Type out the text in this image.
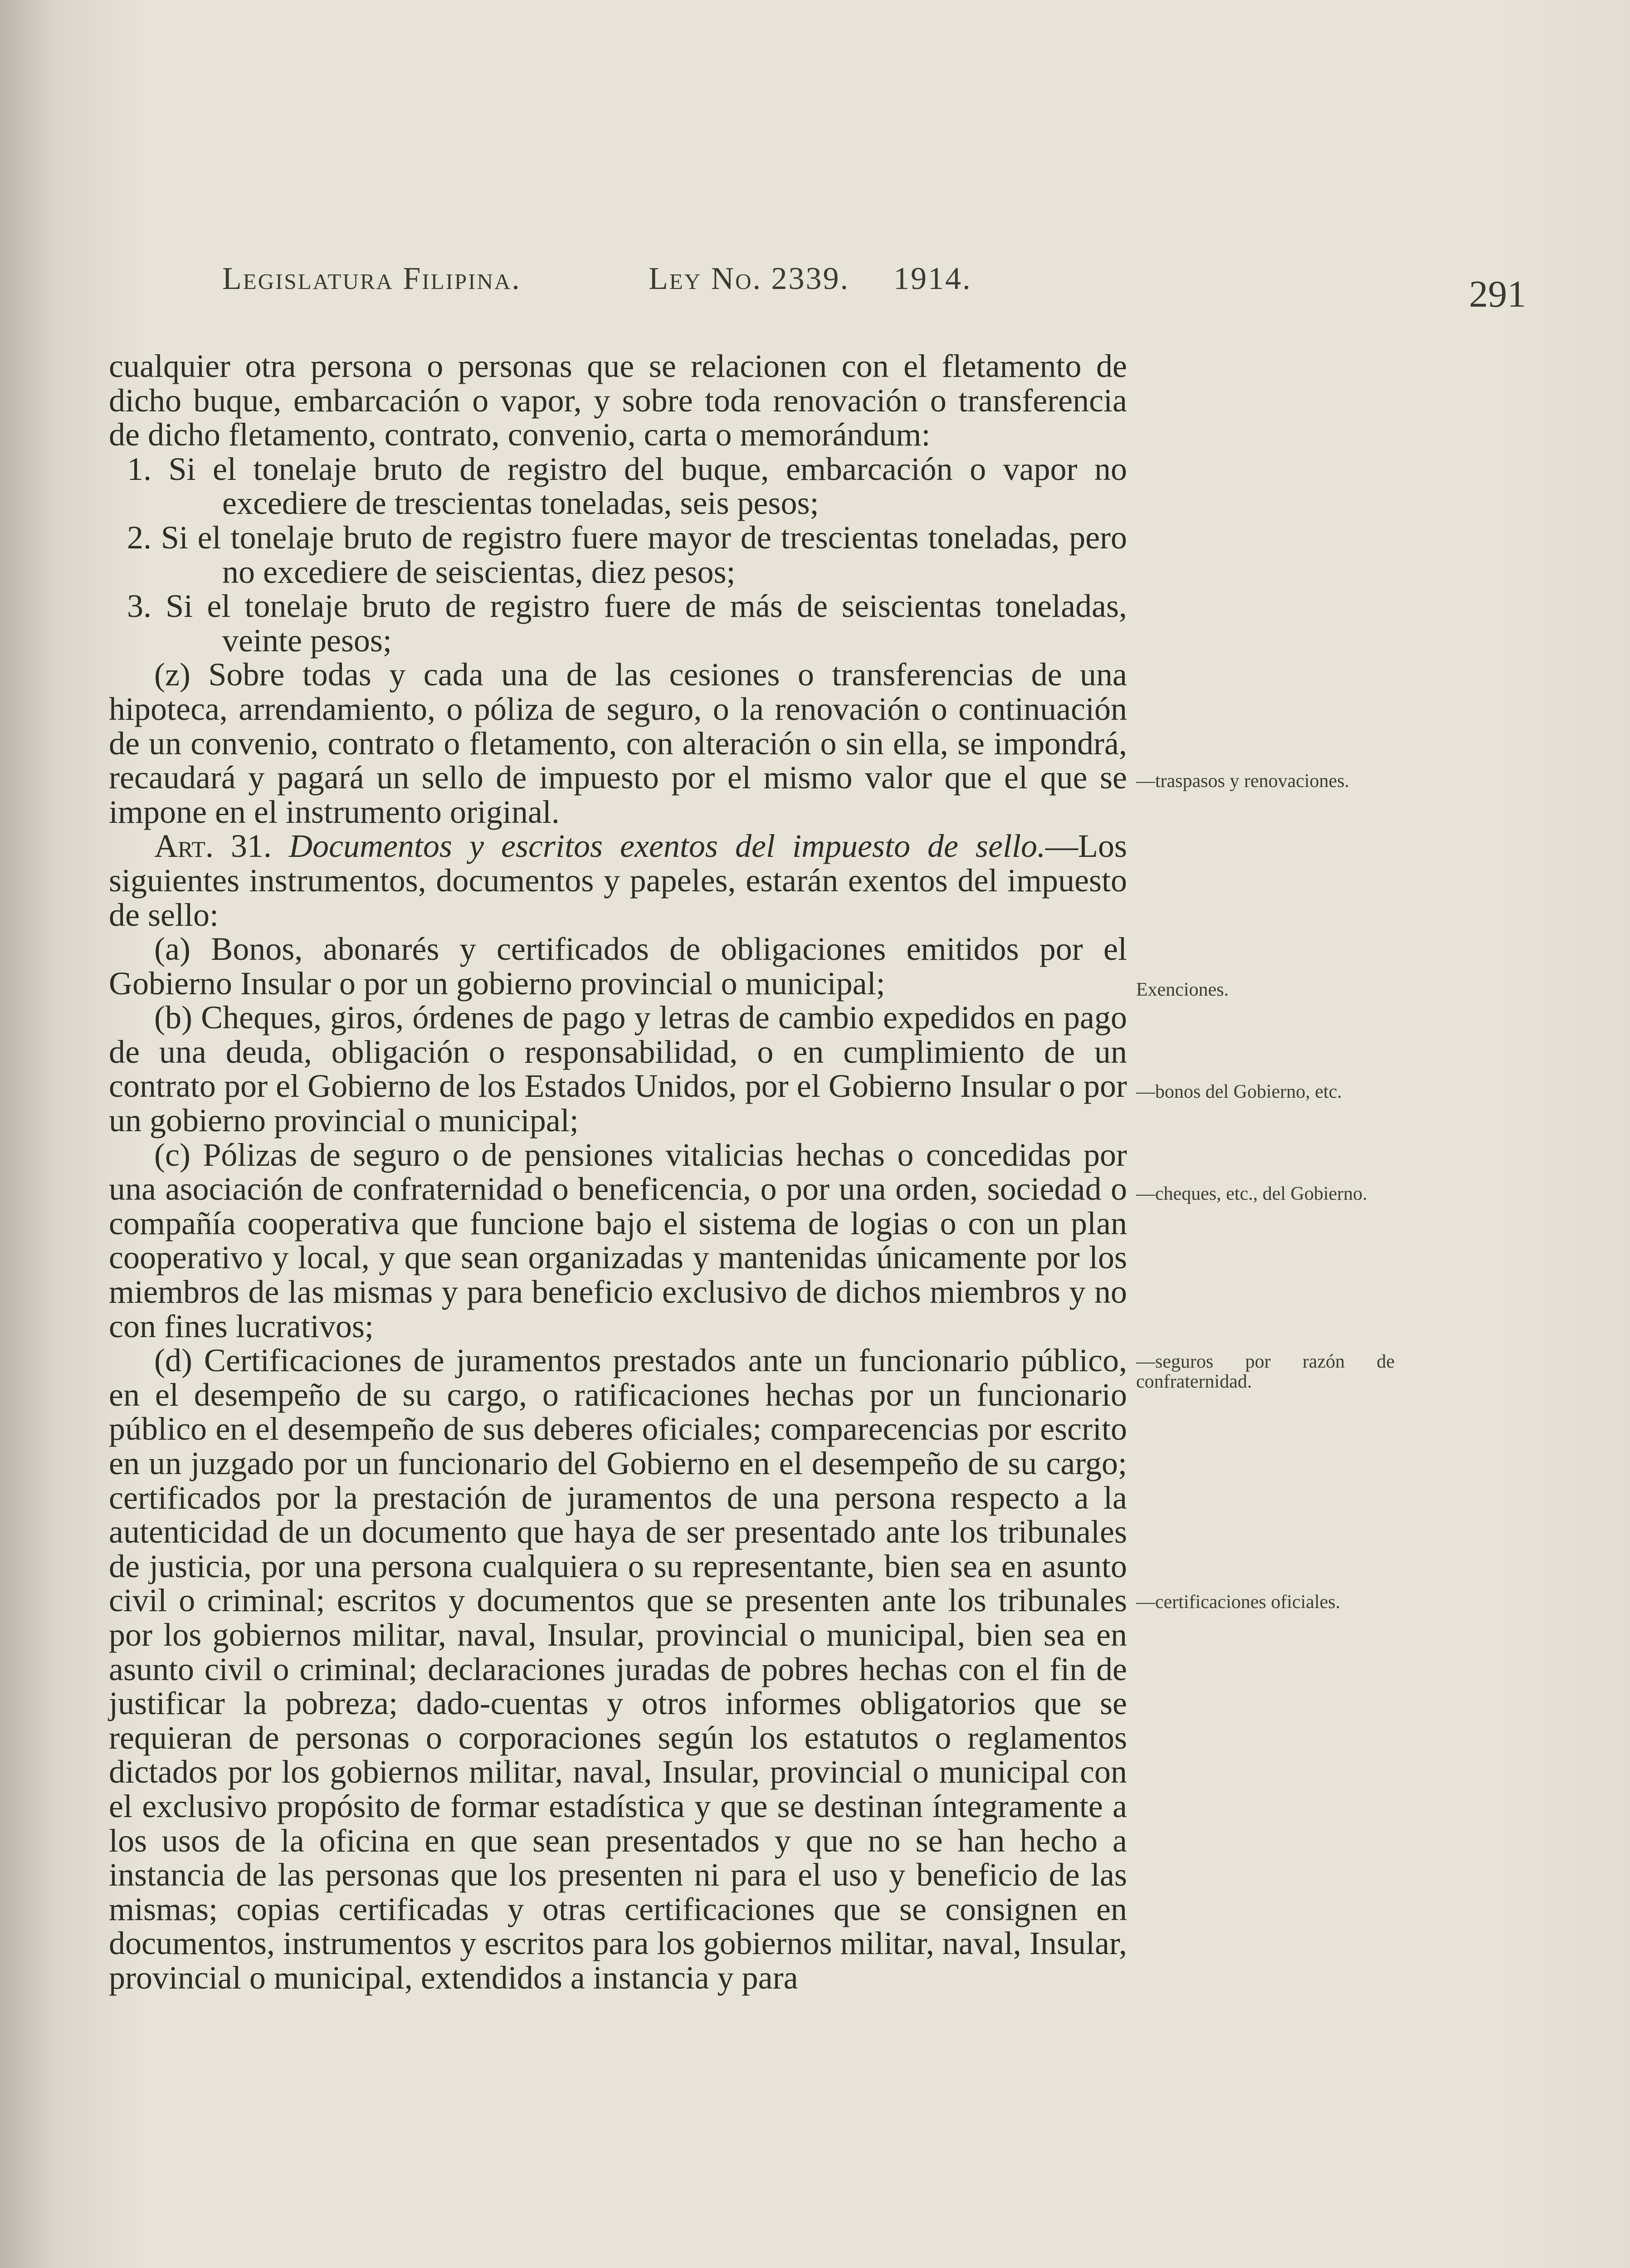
Legislatura Filipina.	Ley No. 2339. 1914.	291

cualquier otra persona o personas que se relacionen con el fletamento de dicho buque, embarcación o vapor, y sobre toda renovación o transferencia de dicho fletamento, contrato, convenio, carta o memorándum:

1. Si el tonelaje bruto de registro del buque, embarcación o vapor no excediere de trescientas toneladas, seis pesos;

2. Si el tonelaje bruto de registro fuere mayor de trescientas toneladas, pero no excediere de seiscientas, diez pesos;

3. Si el tonelaje bruto de registro fuere de más de seiscientas toneladas, veinte pesos;

(z) Sobre todas y cada una de las cesiones o transferencias de una hipoteca, arrendamiento, o póliza de seguro, o la renovación o continuación de un convenio, contrato o fletamento, con alteración o sin ella, se impondrá, recaudará y pagará un sello de impuesto por el mismo valor que el que se impone en el instrumento original.

Art. 31. Documentos y escritos exentos del impuesto de sello.—Los siguientes instrumentos, documentos y papeles, estarán exentos del impuesto de sello:

(a) Bonos, abonarés y certificados de obligaciones emitidos por el Gobierno Insular o por un gobierno provincial o municipal;

(b) Cheques, giros, órdenes de pago y letras de cambio expedidos en pago de una deuda, obligación o responsabilidad, o en cumplimiento de un contrato por el Gobierno de los Estados Unidos, por el Gobierno Insular o por un gobierno provincial o municipal;

(c) Pólizas de seguro o de pensiones vitalicias hechas o concedidas por una asociación de confraternidad o beneficencia, o por una orden, sociedad o compañía cooperativa que funcione bajo el sistema de logias o con un plan cooperativo y local, y que sean organizadas y mantenidas únicamente por los miembros de las mismas y para beneficio exclusivo de dichos miembros y no con fines lucrativos;

(d) Certificaciones de juramentos prestados ante un funcionario público, en el desempeño de su cargo, o ratificaciones hechas por un funcionario público en el desempeño de sus deberes oficiales; comparecencias por escrito en un juzgado por un funcionario del Gobierno en el desempeño de su cargo; certificados por la prestación de juramentos de una persona respecto a la autenticidad de un documento que haya de ser presentado ante los tribunales de justicia, por una persona cualquiera o su representante, bien sea en asunto civil o criminal; escritos y documentos que se presenten ante los tribunales por los gobiernos militar, naval, Insular, provincial o municipal, bien sea en asunto civil o criminal; declaraciones juradas de pobres hechas con el fin de justificar la pobreza; dado-cuentas y otros informes obligatorios que se requieran de personas o corporaciones según los estatutos o reglamentos dictados por los gobiernos militar, naval, Insular, provincial o municipal con el exclusivo propósito de formar estadística y que se destinan íntegramente a los usos de la oficina en que sean presentados y que no se han hecho a instancia de las personas que los presenten ni para el uso y beneficio de las mismas; copias certificadas y otras certificaciones que se consignen en documentos, instrumentos y escritos para los gobiernos militar, naval, Insular, provincial o municipal, extendidos a instancia y para

—traspasos y renovaciones.
Exenciones.
—bonos del Gobierno, etc.
—cheques, etc., del Gobierno.
—seguros por razón de confraternidad.
—certificaciones oficiales.
